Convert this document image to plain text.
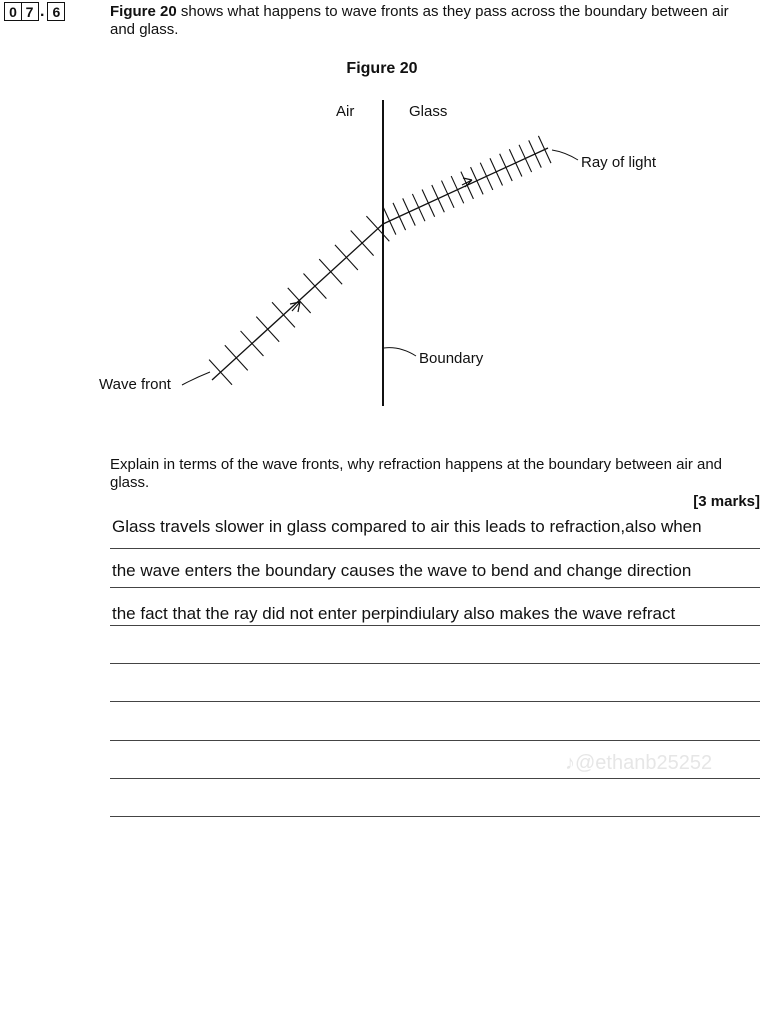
0 7 . 6	Figure 20 shows what happens to wave fronts as they pass across the boundary between air and glass.
Figure 20
Air	Glass
Ray of light
Boundary
Wave front
Explain in terms of the wave fronts, why refraction happens at the boundary between air and glass.
[3 marks]
Glass travels slower in glass compared to air this leads to refraction,also when
the wave enters the boundary causes the wave to bend and change direction
the fact that the ray did not enter perpindiulary also makes the wave refract
♪@ethanb25252
